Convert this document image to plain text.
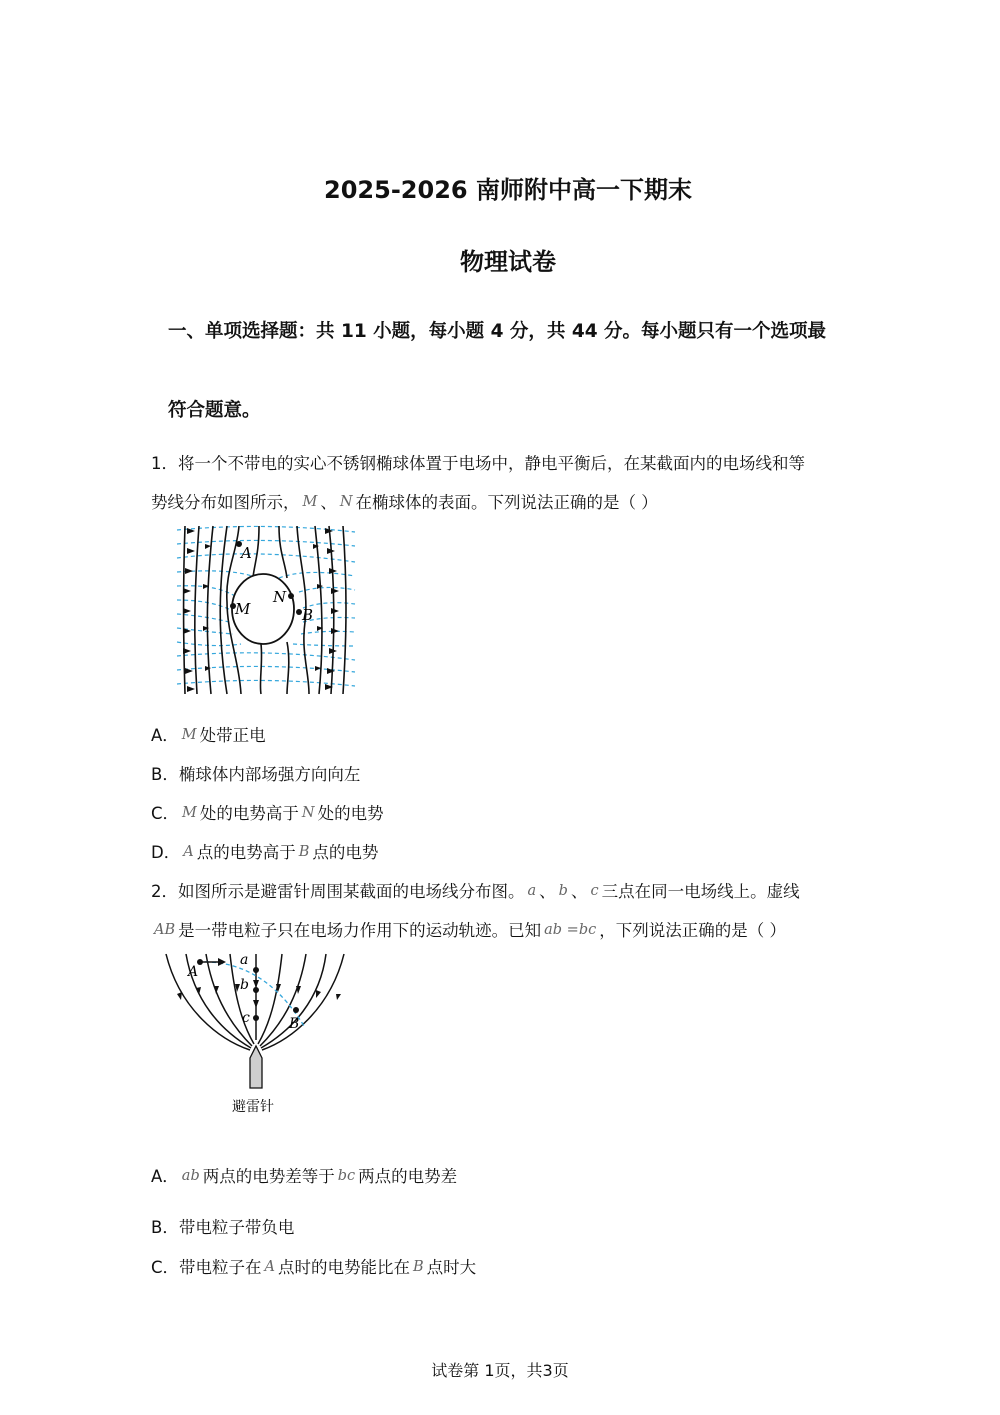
2025-2026 南师附中高一下期末
物理试卷
一、单项选择题：共 11 小题，每小题 4 分，共 44 分。每小题只有一个选项最
符合题意。
1．将一个不带电的实心不锈钢椭球体置于电场中，静电平衡后，在某截面内的电场线和等
势线分布如图所示， M 、 N 在椭球体的表面。下列说法正确的是（ ）
A
M
N
B
A． M 处带正电
B．椭球体内部场强方向向左
C． M 处的电势高于 N 处的电势
D． A 点的电势高于 B 点的电势
2．如图所示是避雷针周围某截面的电场线分布图。 a 、 b 、 c 三点在同一电场线上。虚线
AB 是一带电粒子只在电场力作用下的运动轨迹。已知 ab =bc ，下列说法正确的是（ ）
A
a
b
c	B
避雷针
A． ab 两点的电势差等于 bc 两点的电势差
B．带电粒子带负电
C．带电粒子在 A 点时的电势能比在 B 点时大
试卷第 1页，共3页
